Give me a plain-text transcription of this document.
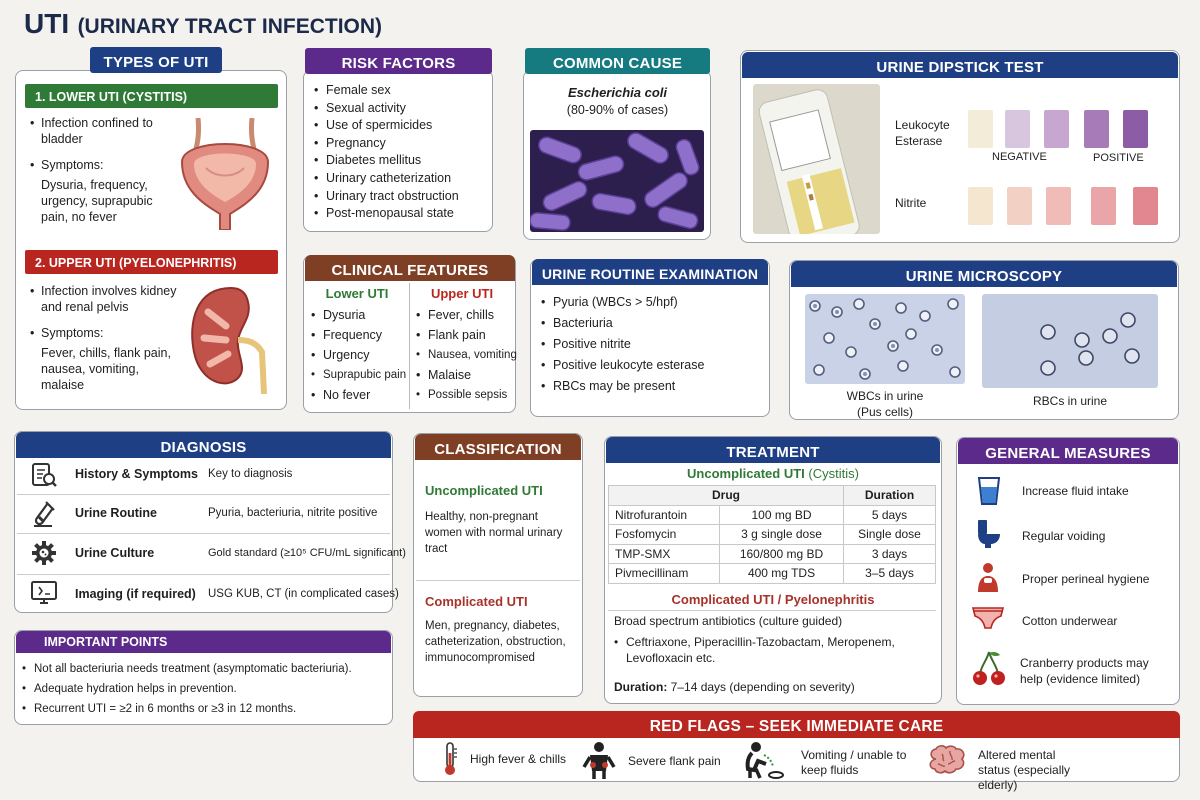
UTI (URINARY TRACT INFECTION)
TYPES OF UTI
1. LOWER UTI (CYSTITIS)
• Infection confined to bladder
• Symptoms:
Dysuria, frequency, urgency, suprapubic pain, no fever
2. UPPER UTI (PYELONEPHRITIS)
• Infection involves kidney and renal pelvis
• Symptoms:
Fever, chills, flank pain, nausea, vomiting, malaise
RISK FACTORS
• Female sex
• Sexual activity
• Use of spermicides
• Pregnancy
• Diabetes mellitus
• Urinary catheterization
• Urinary tract obstruction
• Post-menopausal state
COMMON CAUSE
Escherichia coli
(80-90% of cases)
URINE DIPSTICK TEST
Leukocyte Esterase
Nitrite
NEGATIVE	POSITIVE
CLINICAL FEATURES
Lower UTI	Upper UTI
• Dysuria
• Frequency
• Urgency
• Suprapubic pain
• No fever
• Fever, chills
• Flank pain
• Nausea, vomiting
• Malaise
• Possible sepsis
URINE ROUTINE EXAMINATION
• Pyuria (WBCs > 5/hpf)
• Bacteriuria
• Positive nitrite
• Positive leukocyte esterase
• RBCs may be present
URINE MICROSCOPY
WBCs in urine
(Pus cells)
RBCs in urine
DIAGNOSIS
History & Symptoms Key to diagnosis
Urine Routine	Pyuria, bacteriuria, nitrite positive
Urine Culture	Gold standard (≥10⁵ CFU/mL significant)
Imaging (if required) USG KUB, CT (in complicated cases)
IMPORTANT POINTS
• Not all bacteriuria needs treatment (asymptomatic bacteriuria).
• Adequate hydration helps in prevention.
• Recurrent UTI = ≥2 in 6 months or ≥3 in 12 months.
CLASSIFICATION
Uncomplicated UTI
Healthy, non-pregnant women with normal urinary tract
Complicated UTI
Men, pregnancy, diabetes, catheterization, obstruction, immunocompromised
TREATMENT
Uncomplicated UTI (Cystitis)
Drug		Duration
Nitrofurantoin	100 mg BD	5 days
Fosfomycin	3 g single dose	Single dose
TMP-SMX	160/800 mg BD	3 days
Pivmecillinam	400 mg TDS	3–5 days
Complicated UTI / Pyelonephritis
Broad spectrum antibiotics (culture guided)
• Ceftriaxone, Piperacillin-Tazobactam, Meropenem, Levofloxacin etc.
Duration: 7–14 days (depending on severity)
GENERAL MEASURES
Increase fluid intake
Regular voiding
Proper perineal hygiene
Cotton underwear
Cranberry products may help (evidence limited)
RED FLAGS – SEEK IMMEDIATE CARE
High fever & chills	Severe flank pain	Vomiting / unable to keep fluids
Altered mental status (especially elderly)
